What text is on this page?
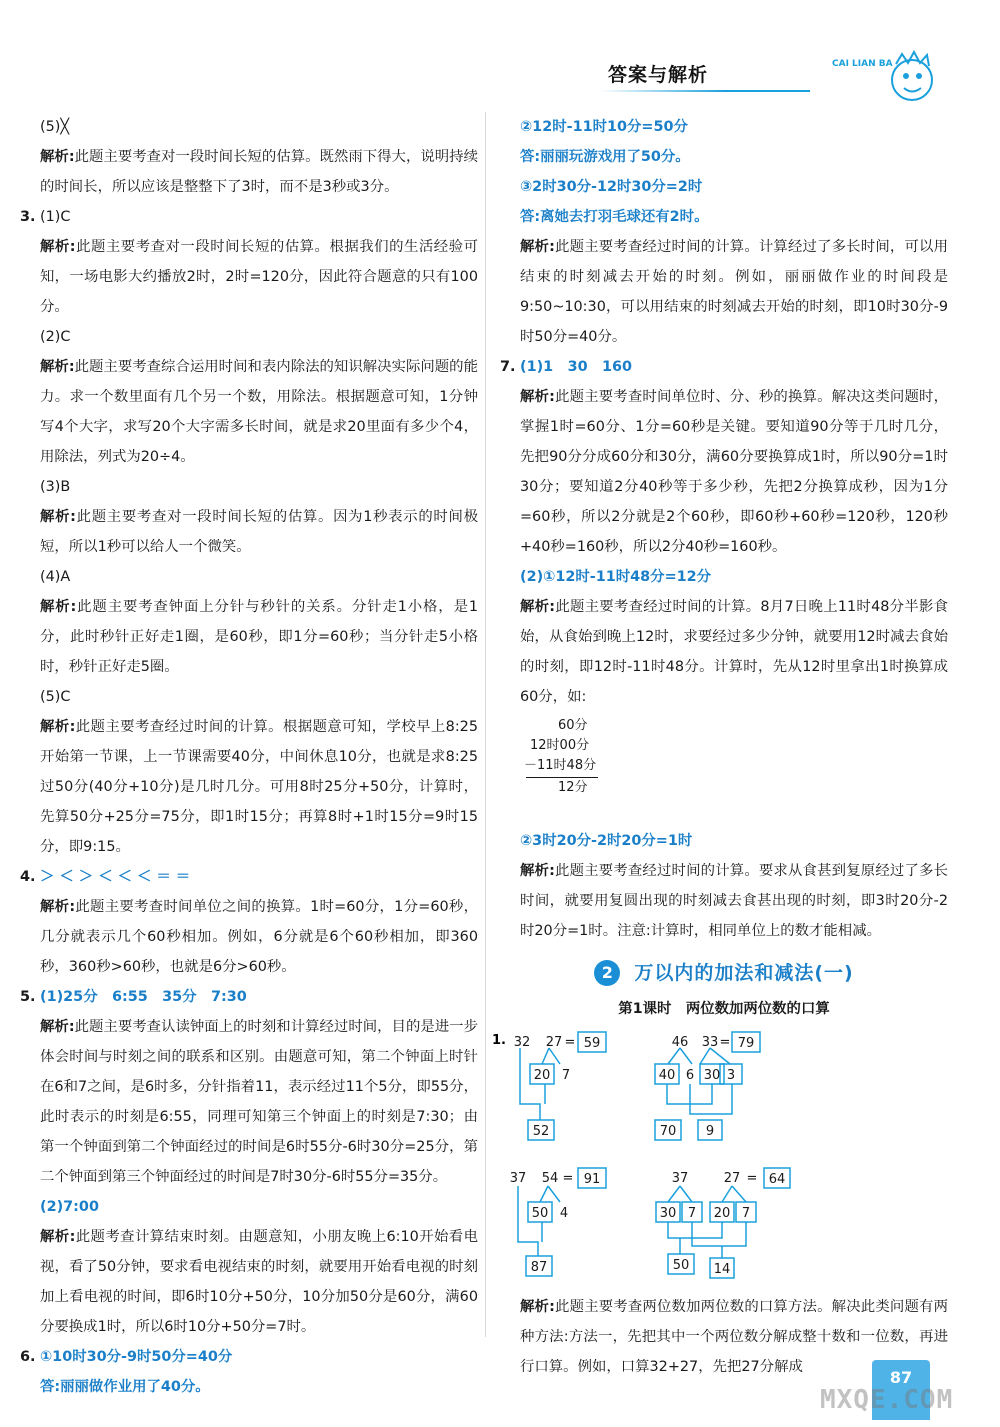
答案与解析	CAI LIAN BA

(5)╳

解析:此题主要考查对一段时间长短的估算。既然雨下得大，说明持续的时间长，所以应该是整整下了3时，而不是3秒或3分。

3. (1)C

解析:此题主要考查对一段时间长短的估算。根据我们的生活经验可知，一场电影大约播放2时，2时=120分，因此符合题意的只有100分。

(2)C

解析:此题主要考查综合运用时间和表内除法的知识解决实际问题的能力。求一个数里面有几个另一个数，用除法。根据题意可知，1分钟写4个大字，求写20个大字需多长时间，就是求20里面有多少个4，用除法，列式为20÷4。

(3)B

解析:此题主要考查对一段时间长短的估算。因为1秒表示的时间极短，所以1秒可以给人一个微笑。

(4)A

解析:此题主要考查钟面上分针与秒针的关系。分针走1小格，是1分，此时秒针正好走1圈，是60秒，即1分=60秒；当分针走5小格时，秒针正好走5圈。

(5)C

解析:此题主要考查经过时间的计算。根据题意可知，学校早上8:25开始第一节课，上一节课需要40分，中间休息10分，也就是求8:25过50分(40分+10分)是几时几分。可用8时25分+50分，计算时，先算50分+25分=75分，即1时15分；再算8时+1时15分=9时15分，即9:15。

4. ＞ ＜ ＞ ＜ ＜ ＜ ＝ ＝

解析:此题主要考查时间单位之间的换算。1时=60分，1分=60秒，几分就表示几个60秒相加。例如，6分就是6个60秒相加，即360秒，360秒>60秒，也就是6分>60秒。

5. (1)25分　6:55　35分　7:30

解析:此题主要考查认读钟面上的时刻和计算经过时间，目的是进一步体会时间与时刻之间的联系和区别。由题意可知，第二个钟面上时针在6和7之间，是6时多，分针指着11，表示经过11个5分，即55分，此时表示的时刻是6:55，同理可知第三个钟面上的时刻是7:30；由第一个钟面到第二个钟面经过的时间是6时55分-6时30分=25分，第二个钟面到第三个钟面经过的时间是7时30分-6时55分=35分。

(2)7:00

解析:此题考查计算结束时刻。由题意知，小朋友晚上6:10开始看电视，看了50分钟，要求看电视结束的时刻，就要用开始看电视的时刻加上看电视的时间，即6时10分+50分，10分加50分是60分，满60分要换成1时，所以6时10分+50分=7时。

6. ①10时30分-9时50分=40分

答:丽丽做作业用了40分。

②12时-11时10分=50分

答:丽丽玩游戏用了50分。

③2时30分-12时30分=2时

答:离她去打羽毛球还有2时。

解析:此题主要考查经过时间的计算。计算经过了多长时间，可以用结束的时刻减去开始的时刻。例如，丽丽做作业的时间段是9:50~10:30，可以用结束的时刻减去开始的时刻，即10时30分-9时50分=40分。

7. (1)1　30　160

解析:此题主要考查时间单位时、分、秒的换算。解决这类问题时，掌握1时=60分、1分=60秒是关键。要知道90分等于几时几分，先把90分分成60分和30分，满60分要换算成1时，所以90分=1时30分；要知道2分40秒等于多少秒，先把2分换算成秒，因为1分=60秒，所以2分就是2个60秒，即60秒+60秒=120秒，120秒+40秒=160秒，所以2分40秒=160秒。

(2)①12时-11时48分=12分

解析:此题主要考查经过时间的计算。8月7日晚上11时48分半影食始，从食始到晚上12时，求要经过多少分钟，就要用12时减去食始的时刻，即12时-11时48分。计算时，先从12时里拿出1时换算成60分，如:

60分
12时00分
－11时48分
12分

②3时20分-2时20分=1时

解析:此题主要考查经过时间的计算。要求从食甚到复原经过了多长时间，就要用复圆出现的时刻减去食甚出现的时刻，即3时20分-2时20分=1时。注意:计算时，相同单位上的数才能相减。

2	万以内的加法和减法(一)
第1课时　两位数加两位数的口算
1. 32 27 = 59
20 7
52
46 33 = 79
40 6 30 3
70 9
37 54 = 91
50 4
87
37	27 = 64
30 7 20 7
50 14

解析:此题主要考查两位数加两位数的口算方法。解决此类问题有两种方法:方法一，先把其中一个两位数分解成整十数和一位数，再进行口算。例如，口算32+27，先把27分解成

87
MXQE.COM
